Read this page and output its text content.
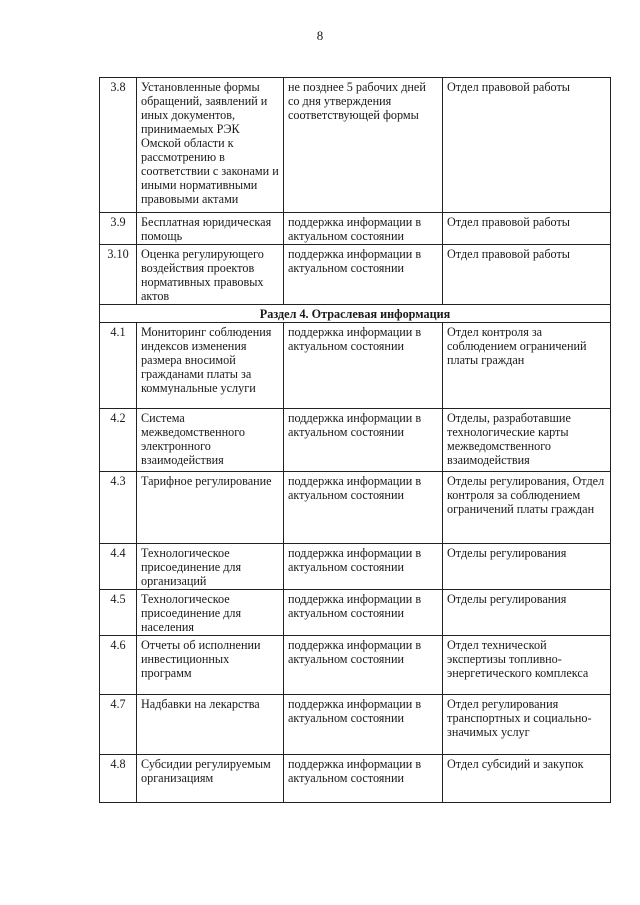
8
3.8	Установленные формы обращений, заявлений и иных документов, принимаемых РЭК Омской области к рассмотрению в соответствии с законами и иными нормативными правовыми актами	не позднее 5 рабочих дней со дня утверждения соответствующей формы	Отдел правовой работы
3.9	Бесплатная юридическая помощь	поддержка информации в актуальном состоянии	Отдел правовой работы
3.10	Оценка регулирующего воздействия проектов нормативных правовых актов	поддержка информации в актуальном состоянии	Отдел правовой работы
Раздел 4. Отраслевая информация			
4.1	Мониторинг соблюдения индексов изменения размера вносимой гражданами платы за коммунальные услуги	поддержка информации в актуальном состоянии	Отдел контроля за соблюдением ограничений платы граждан
4.2	Система межведомственного электронного взаимодействия	поддержка информации в актуальном состоянии	Отделы, разработавшие технологические карты межведомственного взаимодействия
4.3	Тарифное регулирование	поддержка информации в актуальном состоянии	Отделы регулирования, Отдел контроля за соблюдением ограничений платы граждан
4.4	Технологическое присоединение для организаций	поддержка информации в актуальном состоянии	Отделы регулирования
4.5	Технологическое присоединение для населения	поддержка информации в актуальном состоянии	Отделы регулирования
4.6	Отчеты об исполнении инвестиционных программ	поддержка информации в актуальном состоянии	Отдел технической экспертизы топливно-энергетического комплекса
4.7	Надбавки на лекарства	поддержка информации в актуальном состоянии	Отдел регулирования транспортных и социально-значимых услуг
4.8	Субсидии регулируемым организациям	поддержка информации в актуальном состоянии	Отдел субсидий и закупок
